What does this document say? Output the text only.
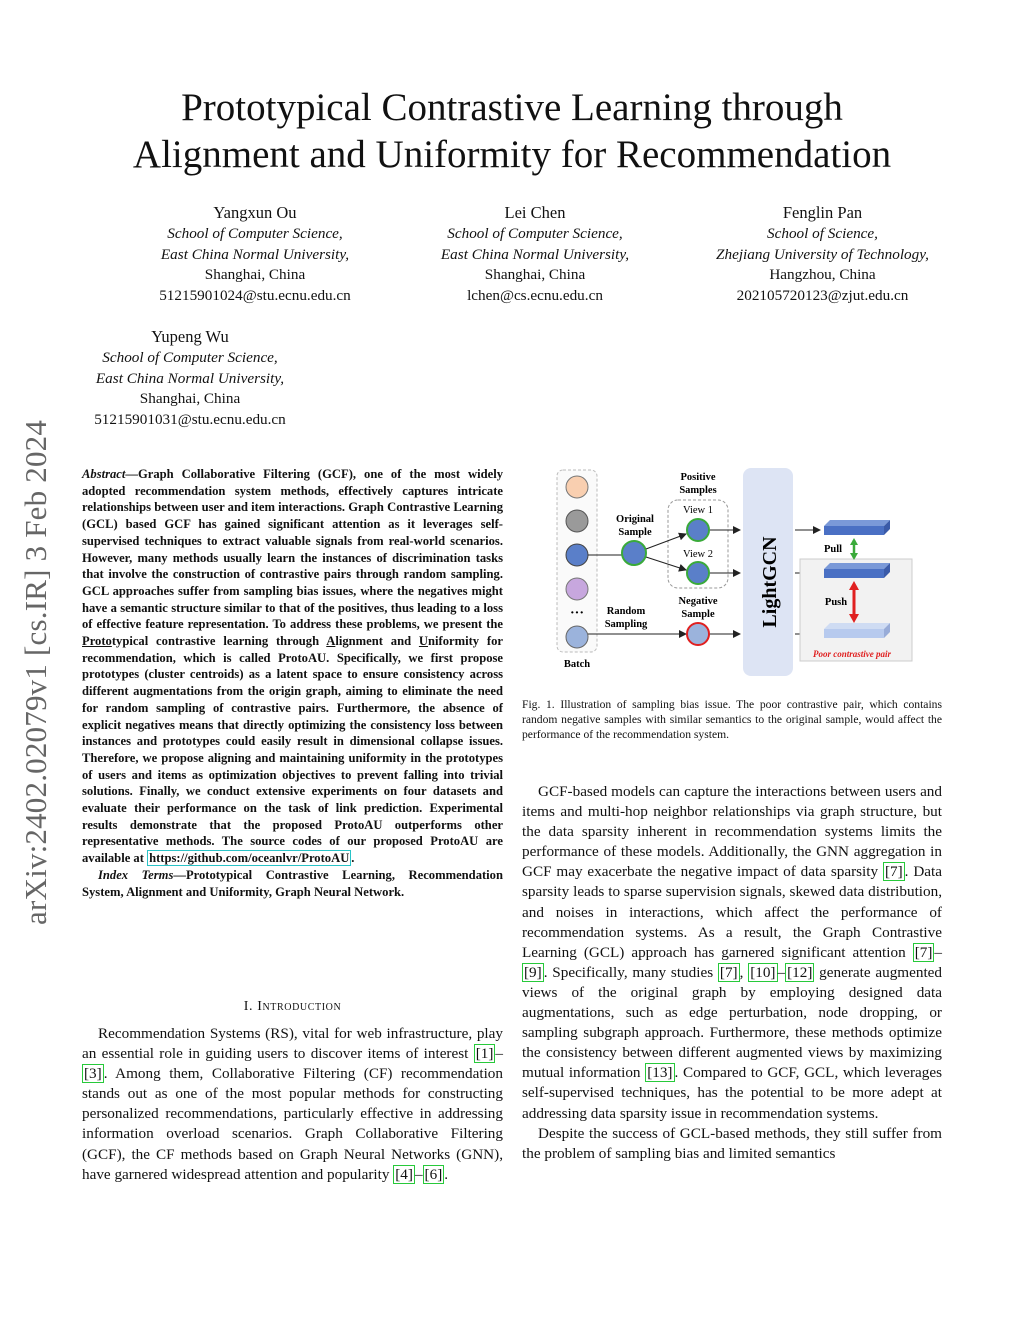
arXiv:2402.02079v1 [cs.IR] 3 Feb 2024
Prototypical Contrastive Learning through
Alignment and Uniformity for Recommendation
Yangxun Ou
School of Computer Science,
East China Normal University,
Shanghai, China
51215901024@stu.ecnu.edu.cn
Lei Chen
School of Computer Science,
East China Normal University,
Shanghai, China
lchen@cs.ecnu.edu.cn
Fenglin Pan
School of Science,
Zhejiang University of Technology,
Hangzhou, China
202105720123@zjut.edu.cn
Yupeng Wu
School of Computer Science,
East China Normal University,
Shanghai, China
51215901031@stu.ecnu.edu.cn
Abstract—Graph Collaborative Filtering (GCF), one of the most widely adopted recommendation system methods, effectively captures intricate relationships between user and item interactions. Graph Contrastive Learning (GCL) based GCF has gained significant attention as it leverages self-supervised techniques to extract valuable signals from real-world scenarios. However, many methods usually learn the instances of discrimination tasks that involve the construction of contrastive pairs through random sampling. GCL approaches suffer from sampling bias issues, where the negatives might have a semantic structure similar to that of the positives, thus leading to a loss of effective feature representation. To address these problems, we present the Prototypical contrastive learning through Alignment and Uniformity for recommendation, which is called ProtoAU. Specifically, we first propose prototypes (cluster centroids) as a latent space to ensure consistency across different augmentations from the origin graph, aiming to eliminate the need for random sampling of contrastive pairs. Furthermore, the absence of explicit negatives means that directly optimizing the consistency loss between instances and prototypes could easily result in dimensional collapse issues. Therefore, we propose aligning and maintaining uniformity in the prototypes of users and items as optimization objectives to prevent falling into trivial solutions. Finally, we conduct extensive experiments on four datasets and evaluate their performance on the task of link prediction. Experimental results demonstrate that the proposed ProtoAU outperforms other representative methods. The source codes of our proposed ProtoAU are available at https://github.com/oceanlvr/ProtoAU .
Index Terms—Prototypical Contrastive Learning, Recommendation System, Alignment and Uniformity, Graph Neural Network.
I. Introduction

Recommendation Systems (RS), vital for web infrastructure, play an essential role in guiding users to discover items of interest [1] –[3] . Among them, Collaborative Filtering (CF) recommendation stands out as one of the most popular methods for constructing personalized recommendations, particularly effective in addressing information overload scenarios. Graph Collaborative Filtering (GCF), the CF methods based on Graph Neural Networks (GNN), have garnered widespread attention and popularity [4] – [6] .

···
Batch
Original
Sample
Random
Sampling
Positive
Samples
View 1
View 2
Negative
Sample LightGCN	Pull
Push
Poor contrastive pair
Fig. 1. Illustration of sampling bias issue. The poor contrastive pair, which contains random negative samples with similar semantics to the original sample, would affect the performance of the recommendation system.

GCF-based models can capture the interactions between users and items and multi-hop neighbor relationships via graph structure, but the data sparsity inherent in recommendation systems limits the performance of these models. Additionally, the GNN aggregation in GCF may exacerbate the negative impact of data sparsity [7] . Data sparsity leads to sparse supervision signals, skewed data distribution, and noises in interactions, which affect the performance of recommendation systems. As a result, the Graph Contrastive Learning (GCL) approach has garnered significant attention [7] –[9] . Specifically, many studies [7] , [10] – [12] generate augmented views of the original graph by employing designed data augmentations, such as edge perturbation, node dropping, or sampling subgraph approach. Furthermore, these methods optimize the consistency between different augmented views by maximizing mutual information [13] . Compared to GCF, GCL, which leverages self-supervised techniques, has the potential to be more adept at addressing data sparsity issue in recommendation systems.

Despite the success of GCL-based methods, they still suffer from the problem of sampling bias and limited semantics
